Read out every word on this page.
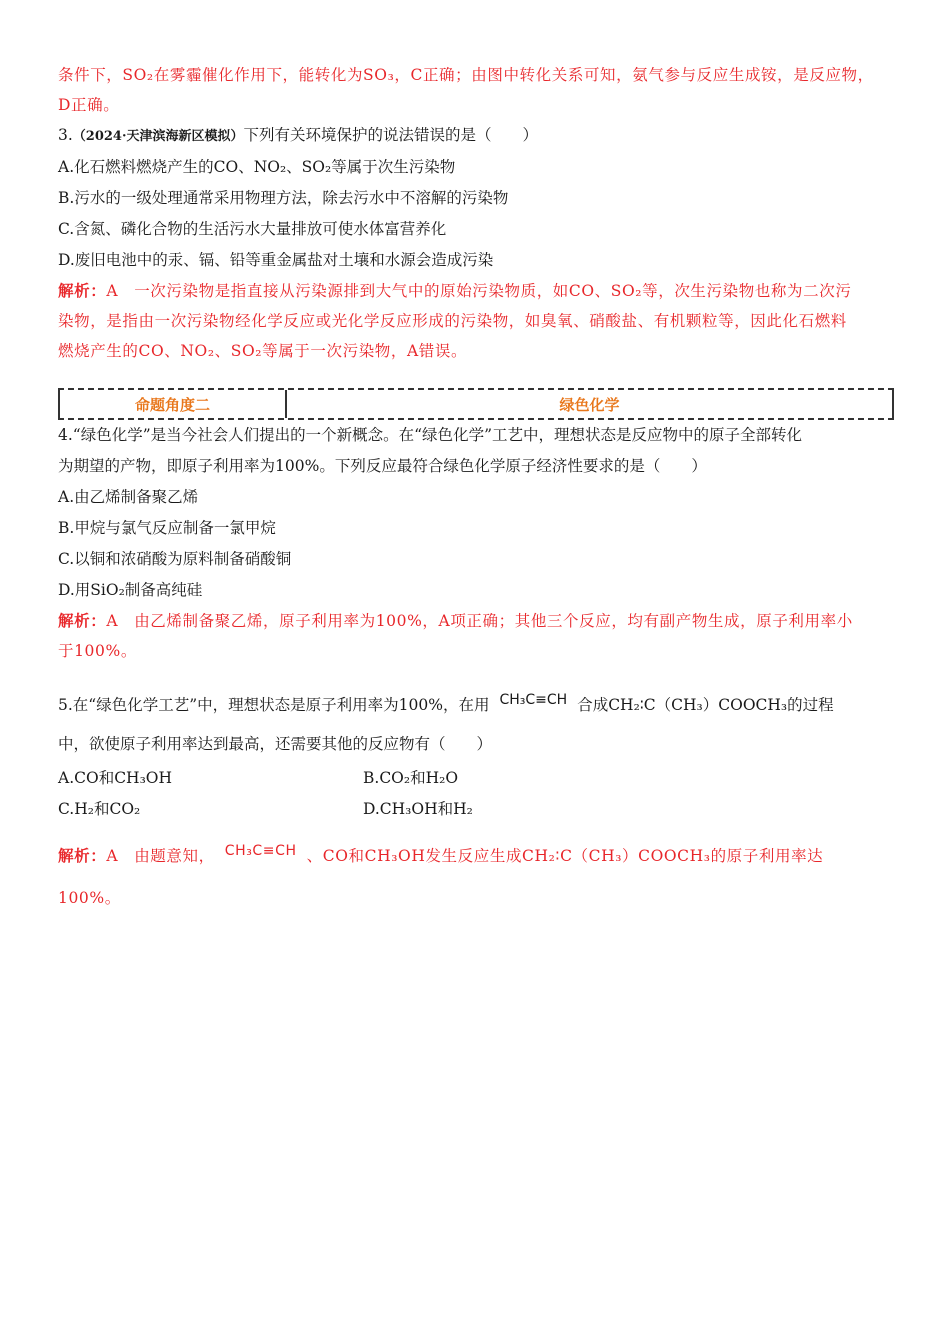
条件下，SO₂在雾霾催化作用下，能转化为SO₃，C正确；由图中转化关系可知，氨气参与反应生成铵，是反应物，
D正确。
3.（2024·天津滨海新区模拟）下列有关环境保护的说法错误的是（　　）
A.化石燃料燃烧产生的CO、NO₂、SO₂等属于次生污染物
B.污水的一级处理通常采用物理方法，除去污水中不溶解的污染物
C.含氮、磷化合物的生活污水大量排放可使水体富营养化
D.废旧电池中的汞、镉、铅等重金属盐对土壤和水源会造成污染
解析：A　一次污染物是指直接从污染源排到大气中的原始污染物质，如CO、SO₂等，次生污染物也称为二次污
染物，是指由一次污染物经化学反应或光化学反应形成的污染物，如臭氧、硝酸盐、有机颗粒等，因此化石燃料
燃烧产生的CO、NO₂、SO₂等属于一次污染物，A错误。
命题角度二	绿色化学
4.“绿色化学”是当今社会人们提出的一个新概念。在“绿色化学”工艺中，理想状态是反应物中的原子全部转化
为期望的产物，即原子利用率为100%。下列反应最符合绿色化学原子经济性要求的是（　　）
A.由乙烯制备聚乙烯
B.甲烷与氯气反应制备一氯甲烷
C.以铜和浓硝酸为原料制备硝酸铜
D.用SiO₂制备高纯硅
解析：A　由乙烯制备聚乙烯，原子利用率为100%，A项正确；其他三个反应，均有副产物生成，原子利用率小
于100%。
5.在“绿色化学工艺”中，理想状态是原子利用率为100%，在用 CH₃C≡CH 合成CH₂∶C（CH₃）COOCH₃的过程
中，欲使原子利用率达到最高，还需要其他的反应物有（　　）
A.CO和CH₃OH	B.CO₂和H₂O
C.H₂和CO₂	D.CH₃OH和H₂
解析：A　由题意知， CH₃C≡CH 、CO和CH₃OH发生反应生成CH₂∶C（CH₃）COOCH₃的原子利用率达
100%。
